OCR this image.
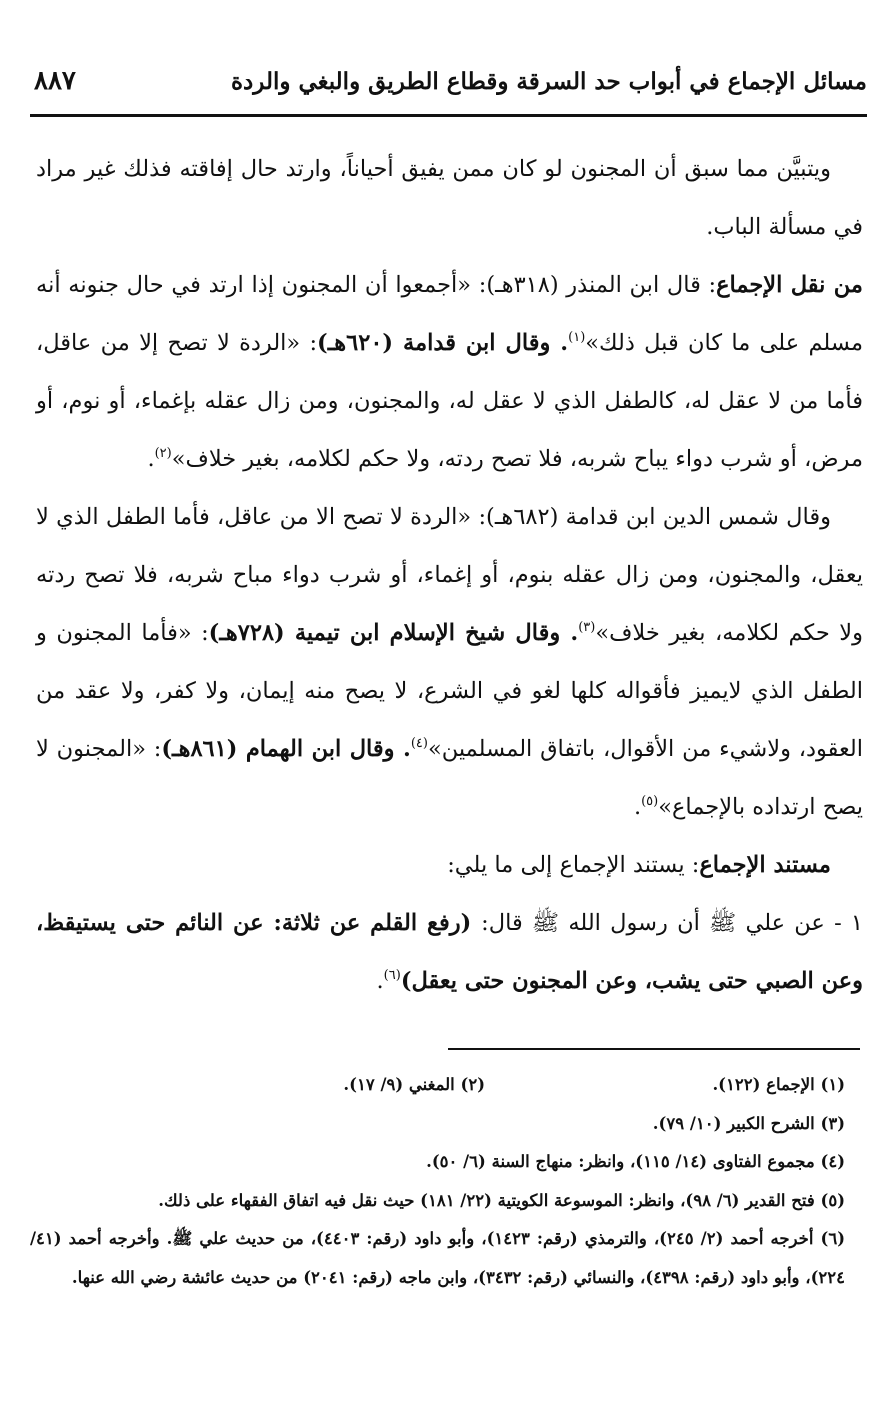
مسائل الإجماع في أبواب حد السرقة وقطاع الطريق والبغي والردة
٨٨٧

ويتبيَّن مما سبق أن المجنون لو كان ممن يفيق أحياناً، وارتد حال إفاقته فذلك غير مراد في مسألة الباب.

من نقل الإجماع: قال ابن المنذر (٣١٨هـ): «أجمعوا أن المجنون إذا ارتد في حال جنونه أنه مسلم على ما كان قبل ذلك»$^{(١)}$. وقال ابن قدامة (٦٢٠هـ): «الردة لا تصح إلا من عاقل، فأما من لا عقل له، كالطفل الذي لا عقل له، والمجنون، ومن زال عقله بإغماء، أو نوم، أو مرض، أو شرب دواء يباح شربه، فلا تصح ردته، ولا حكم لكلامه، بغير خلاف»$^{(٢)}$.

وقال شمس الدين ابن قدامة (٦٨٢هـ): «الردة لا تصح الا من عاقل، فأما الطفل الذي لا يعقل، والمجنون، ومن زال عقله بنوم، أو إغماء، أو شرب دواء مباح شربه، فلا تصح ردته ولا حكم لكلامه، بغير خلاف»$^{(٣)}$. وقال شيخ الإسلام ابن تيمية (٧٢٨هـ): «فأما المجنون و الطفل الذي لايميز فأقواله كلها لغو في الشرع، لا يصح منه إيمان، ولا كفر، ولا عقد من العقود، ولاشيء من الأقوال، باتفاق المسلمين»$^{(٤)}$. وقال ابن الهمام (٨٦١هـ): «المجنون لا يصح ارتداده بالإجماع»$^{(٥)}$.

مستند الإجماع: يستند الإجماع إلى ما يلي:

١ - عن علي ﷺ أن رسول الله ﷺ قال: (رفع القلم عن ثلاثة: عن النائم حتى يستيقظ، وعن الصبي حتى يشب، وعن المجنون حتى يعقل)$^{(٦)}$.

(١) الإجماع (١٢٢).
(٢) المغني (٩/ ١٧).

(٣) الشرح الكبير (١٠/ ٧٩).

(٤) مجموع الفتاوى (١٤/ ١١٥)، وانظر: منهاج السنة (٦/ ٥٠).

(٥) فتح القدير (٦/ ٩٨)، وانظر: الموسوعة الكويتية (٢٢/ ١٨١) حيث نقل فيه اتفاق الفقهاء على ذلك.

(٦) أخرجه أحمد (٢/ ٢٤٥)، والترمذي (رقم: ١٤٢٣)، وأبو داود (رقم: ٤٤٠٣)، من حديث علي ﷺ. وأخرجه أحمد (٤١/ ٢٢٤)، وأبو داود (رقم: ٤٣٩٨)، والنسائي (رقم: ٣٤٣٢)، وابن ماجه (رقم: ٢٠٤١) من حديث عائشة رضي الله عنها.
